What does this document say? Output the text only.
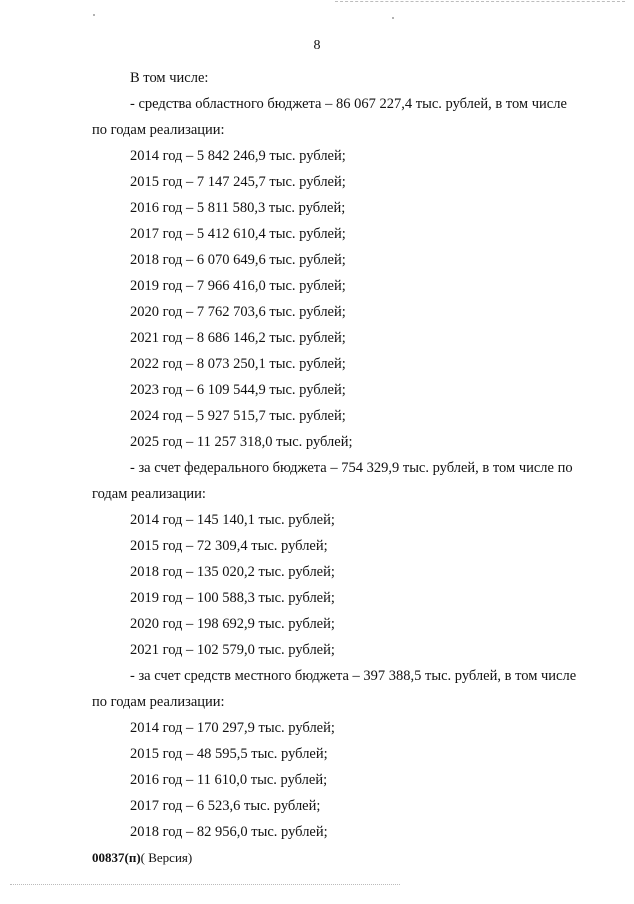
8
В том числе:
- средства областного бюджета – 86 067 227,4 тыс. рублей, в том числе
по годам реализации:
2014 год – 5 842 246,9 тыс. рублей;
2015 год – 7 147 245,7 тыс. рублей;
2016 год – 5 811 580,3 тыс. рублей;
2017 год – 5 412 610,4 тыс. рублей;
2018 год – 6 070 649,6 тыс. рублей;
2019 год – 7 966 416,0 тыс. рублей;
2020 год – 7 762 703,6 тыс. рублей;
2021 год – 8 686 146,2 тыс. рублей;
2022 год – 8 073 250,1 тыс. рублей;
2023 год – 6 109 544,9 тыс. рублей;
2024 год – 5 927 515,7 тыс. рублей;
2025 год – 11 257 318,0 тыс. рублей;
- за счет федерального бюджета – 754 329,9 тыс. рублей, в том числе по
годам реализации:
2014 год – 145 140,1 тыс. рублей;
2015 год – 72 309,4 тыс. рублей;
2018 год – 135 020,2 тыс. рублей;
2019 год – 100 588,3 тыс. рублей;
2020 год – 198 692,9 тыс. рублей;
2021 год – 102 579,0 тыс. рублей;
- за счет средств местного бюджета – 397 388,5 тыс. рублей, в том числе
по годам реализации:
2014 год – 170 297,9 тыс. рублей;
2015 год – 48 595,5 тыс. рублей;
2016 год – 11 610,0 тыс. рублей;
2017 год – 6 523,6 тыс. рублей;
2018 год – 82 956,0 тыс. рублей;
00837(п)( Версия)
